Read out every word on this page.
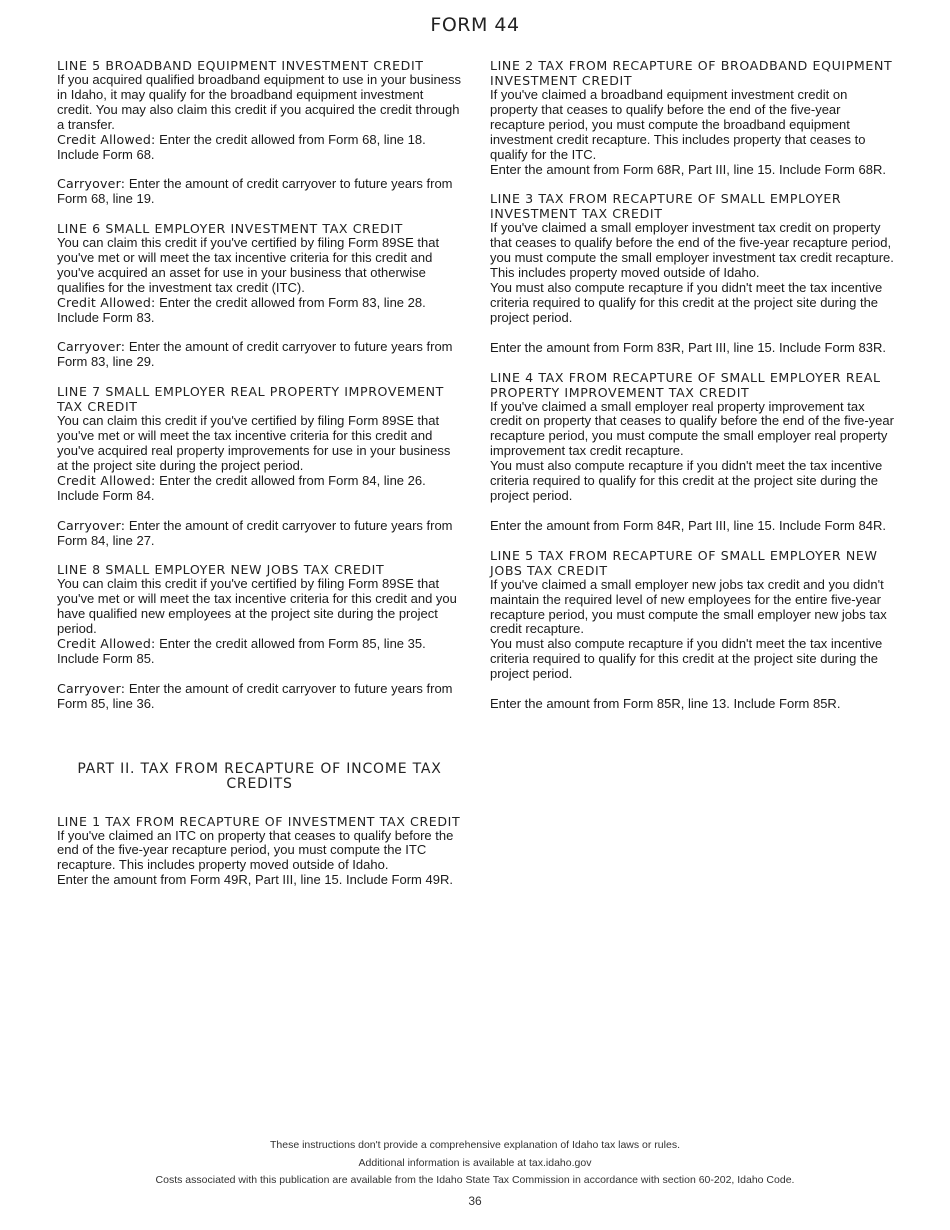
FORM 44
LINE 5 BROADBAND EQUIPMENT INVESTMENT CREDIT

If you acquired qualified broadband equipment to use in your business in Idaho, it may qualify for the broadband equipment investment credit. You may also claim this credit if you acquired the credit through a transfer.

Credit Allowed: Enter the credit allowed from Form 68, line 18. Include Form 68.

Carryover: Enter the amount of credit carryover to future years from Form 68, line 19.

LINE 6 SMALL EMPLOYER INVESTMENT TAX CREDIT

You can claim this credit if you've certified by filing Form 89SE that you've met or will meet the tax incentive criteria for this credit and you've acquired an asset for use in your business that otherwise qualifies for the investment tax credit (ITC).

Credit Allowed: Enter the credit allowed from Form 83, line 28. Include Form 83.

Carryover: Enter the amount of credit carryover to future years from Form 83, line 29.

LINE 7 SMALL EMPLOYER REAL PROPERTY IMPROVEMENT TAX CREDIT

You can claim this credit if you've certified by filing Form 89SE that you've met or will meet the tax incentive criteria for this credit and you've acquired real property improvements for use in your business at the project site during the project period.

Credit Allowed: Enter the credit allowed from Form 84, line 26. Include Form 84.

Carryover: Enter the amount of credit carryover to future years from Form 84, line 27.

LINE 8 SMALL EMPLOYER NEW JOBS TAX CREDIT

You can claim this credit if you've certified by filing Form 89SE that you've met or will meet the tax incentive criteria for this credit and you have qualified new employees at the project site during the project period.

Credit Allowed: Enter the credit allowed from Form 85, line 35. Include Form 85.

Carryover: Enter the amount of credit carryover to future years from Form 85, line 36.

PART II. TAX FROM RECAPTURE OF INCOME TAX CREDITS
LINE 1 TAX FROM RECAPTURE OF INVESTMENT TAX CREDIT

If you've claimed an ITC on property that ceases to qualify before the end of the five-year recapture period, you must compute the ITC recapture. This includes property moved outside of Idaho.

Enter the amount from Form 49R, Part III, line 15. Include Form 49R.

LINE 2 TAX FROM RECAPTURE OF BROADBAND EQUIPMENT INVESTMENT CREDIT

If you've claimed a broadband equipment investment credit on property that ceases to qualify before the end of the five-year recapture period, you must compute the broadband equipment investment credit recapture. This includes property that ceases to qualify for the ITC.

Enter the amount from Form 68R, Part III, line 15. Include Form 68R.

LINE 3 TAX FROM RECAPTURE OF SMALL EMPLOYER INVESTMENT TAX CREDIT

If you've claimed a small employer investment tax credit on property that ceases to qualify before the end of the five-year recapture period, you must compute the small employer investment tax credit recapture. This includes property moved outside of Idaho.

You must also compute recapture if you didn't meet the tax incentive criteria required to qualify for this credit at the project site during the project period.

Enter the amount from Form 83R, Part III, line 15. Include Form 83R.

LINE 4 TAX FROM RECAPTURE OF SMALL EMPLOYER REAL PROPERTY IMPROVEMENT TAX CREDIT

If you've claimed a small employer real property improvement tax credit on property that ceases to qualify before the end of the five-year recapture period, you must compute the small employer real property improvement tax credit recapture.

You must also compute recapture if you didn't meet the tax incentive criteria required to qualify for this credit at the project site during the project period.

Enter the amount from Form 84R, Part III, line 15. Include Form 84R.

LINE 5 TAX FROM RECAPTURE OF SMALL EMPLOYER NEW JOBS TAX CREDIT

If you've claimed a small employer new jobs tax credit and you didn't maintain the required level of new employees for the entire five-year recapture period, you must compute the small employer new jobs tax credit recapture.

You must also compute recapture if you didn't meet the tax incentive criteria required to qualify for this credit at the project site during the project period.

Enter the amount from Form 85R, line 13. Include Form 85R.

These instructions don't provide a comprehensive explanation of Idaho tax laws or rules.
Additional information is available at tax.idaho.gov
Costs associated with this publication are available from the Idaho State Tax Commission in accordance with section 60-202, Idaho Code.
36
